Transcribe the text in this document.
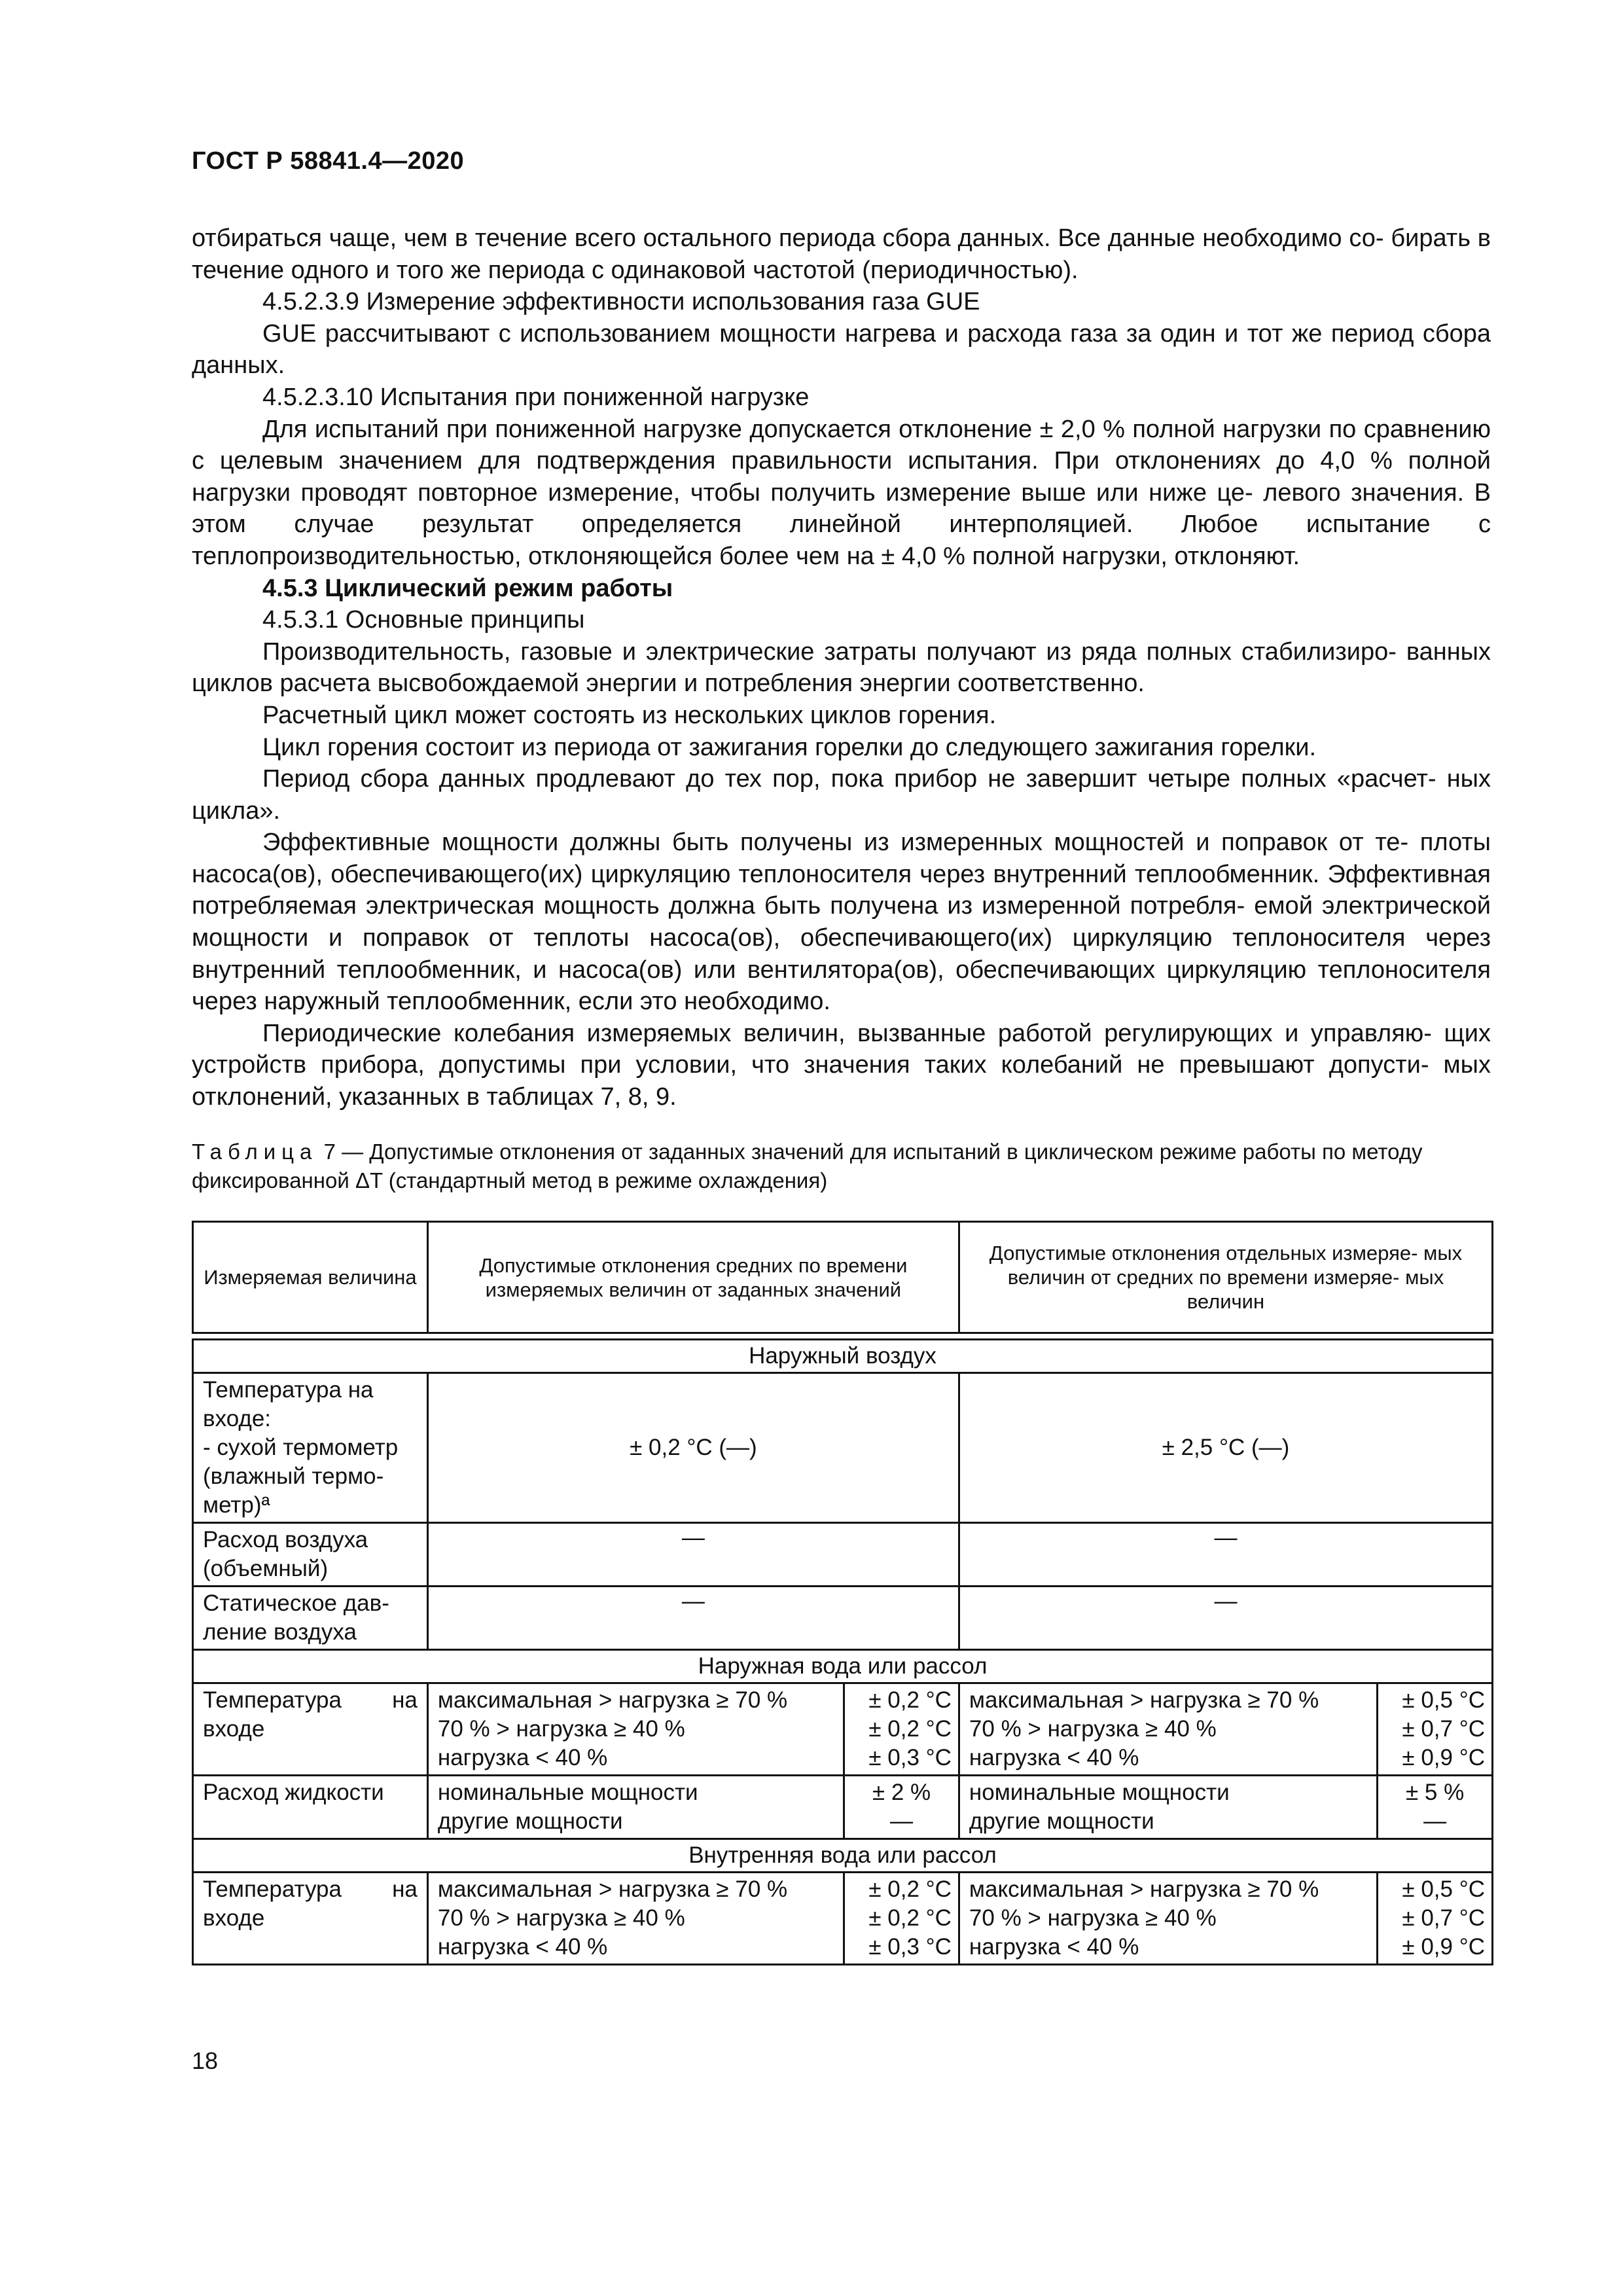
ГОСТ Р 58841.4—2020

отбираться чаще, чем в течение всего остального периода сбора данных. Все данные необходимо со- бирать в течение одного и того же периода с одинаковой частотой (периодичностью).

4.5.2.3.9 Измерение эффективности использования газа GUE

GUE рассчитывают с использованием мощности нагрева и расхода газа за один и тот же период сбора данных.

4.5.2.3.10 Испытания при пониженной нагрузке

Для испытаний при пониженной нагрузке допускается отклонение ± 2,0 % полной нагрузки по сравнению с целевым значением для подтверждения правильности испытания. При отклонениях до 4,0 % полной нагрузки проводят повторное измерение, чтобы получить измерение выше или ниже це- левого значения. В этом случае результат определяется линейной интерполяцией. Любое испытание с теплопроизводительностью, отклоняющейся более чем на ± 4,0 % полной нагрузки, отклоняют.

4.5.3 Циклический режим работы

4.5.3.1 Основные принципы

Производительность, газовые и электрические затраты получают из ряда полных стабилизиро- ванных циклов расчета высвобождаемой энергии и потребления энергии соответственно.

Расчетный цикл может состоять из нескольких циклов горения.

Цикл горения состоит из периода от зажигания горелки до следующего зажигания горелки.

Период сбора данных продлевают до тех пор, пока прибор не завершит четыре полных «расчет- ных цикла».

Эффективные мощности должны быть получены из измеренных мощностей и поправок от те- плоты насоса(ов), обеспечивающего(их) циркуляцию теплоносителя через внутренний теплообменник. Эффективная потребляемая электрическая мощность должна быть получена из измеренной потребля- емой электрической мощности и поправок от теплоты насоса(ов), обеспечивающего(их) циркуляцию теплоносителя через внутренний теплообменник, и насоса(ов) или вентилятора(ов), обеспечивающих циркуляцию теплоносителя через наружный теплообменник, если это необходимо.

Периодические колебания измеряемых величин, вызванные работой регулирующих и управляю- щих устройств прибора, допустимы при условии, что значения таких колебаний не превышают допусти- мых отклонений, указанных в таблицах 7, 8, 9.

Таблица 7 — Допустимые отклонения от заданных значений для испытаний в циклическом режиме работы по методу фиксированной ΔT (стандартный метод в режиме охлаждения)
Измеряемая величина	Допустимые отклонения средних по времени измеряемых величин от заданных значений		Допустимые отклонения отдельных измеряе- мых величин от средних по времени измеряе- мых величин	

Наружный воздух				

Температура на
входе:
- сухой термометр
(влажный термо-
метр)ª	± 0,2 °C (—)		± 2,5 °C (—)	

Расход воздуха
(объемный)	—		—	

Статическое дав-
ление воздуха	—		—	
Наружная вода или рассол				
Температура на входе	максимальная > нагрузка ≥ 70 %
70 % > нагрузка ≥ 40 %
нагрузка < 40 %	± 0,2 °C
± 0,2 °C
± 0,3 °C	максимальная > нагрузка ≥ 70 %
70 % > нагрузка ≥ 40 %
нагрузка < 40 %	± 0,5 °C
± 0,7 °C
± 0,9 °C

Расход жидкости	номинальные мощности
другие мощности	± 2 %
—	номинальные мощности
другие мощности	± 5 %
—

Внутренняя вода или рассол				
Температура на входе	максимальная > нагрузка ≥ 70 %
70 % > нагрузка ≥ 40 %
нагрузка < 40 %	± 0,2 °C
± 0,2 °C
± 0,3 °C	максимальная > нагрузка ≥ 70 %
70 % > нагрузка ≥ 40 %
нагрузка < 40 %	± 0,5 °C
± 0,7 °C
± 0,9 °C
18
